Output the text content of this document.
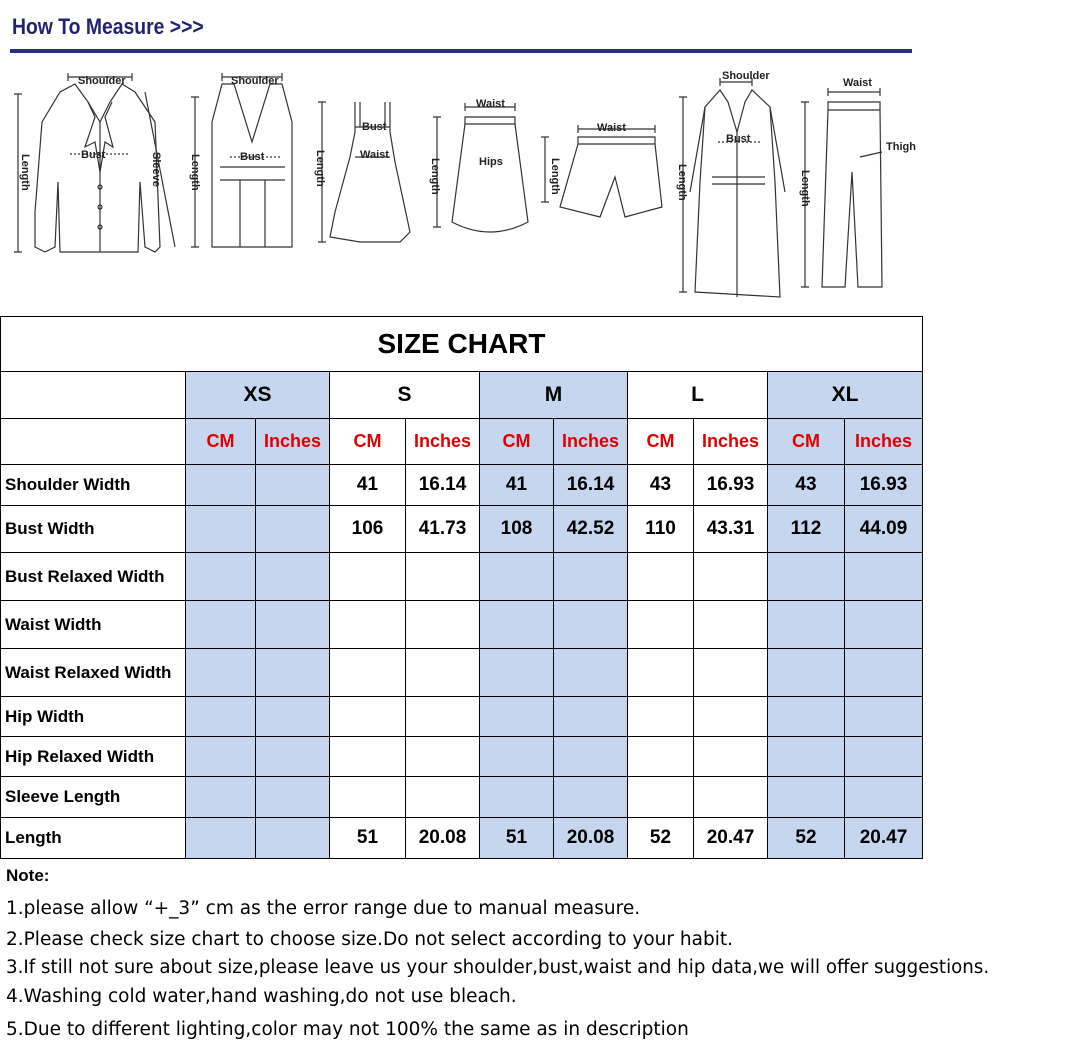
How To Measure >>>
Shoulder
Bust	Sleeve
Length
Shoulder
Bust
Length
Bust
Waist
Length
Waist
Hips
Length
Waist
Length
Shoulder
Bust
Length
Waist
Thigh
Length
SIZE CHART										
	XS		S		M		L		XL	
	CM	Inches	CM	Inches	CM	Inches	CM	Inches	CM	Inches
Shoulder Width			41	16.14	41	16.14	43	16.93	43	16.93
Bust Width			106	41.73	108	42.52	110	43.31	112	44.09
Bust Relaxed Width										
Waist Width										
Waist Relaxed Width										
Hip Width										
Hip Relaxed Width										
Sleeve Length										
Length			51	20.08	51	20.08	52	20.47	52	20.47
Note:
1.please allow “+_3” cm as the error range due to manual measure.
2.Please check size chart to choose size.Do not select according to your habit.
3.If still not sure about size,please leave us your shoulder,bust,waist and hip data,we will offer suggestions.
4.Washing cold water,hand washing,do not use bleach.
5.Due to different lighting,color may not 100% the same as in description
